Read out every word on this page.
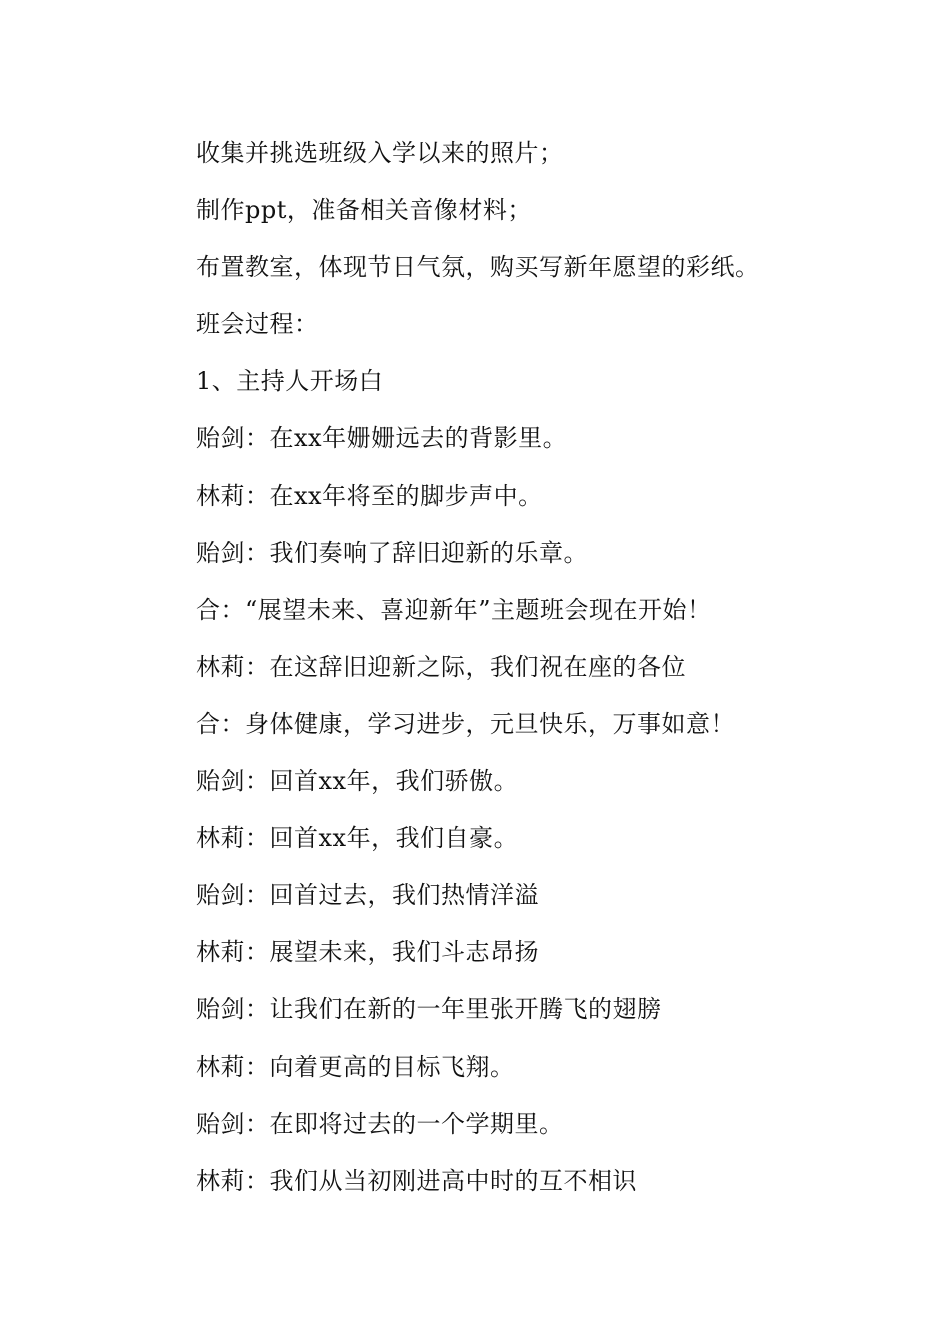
收集并挑选班级入学以来的照片；
制作ppt，准备相关音像材料；
布置教室，体现节日气氛，购买写新年愿望的彩纸。
班会过程：
1、主持人开场白
贻剑：在xx年姗姗远去的背影里。
林莉：在xx年将至的脚步声中。
贻剑：我们奏响了辞旧迎新的乐章。
合：“展望未来、喜迎新年”主题班会现在开始！
林莉：在这辞旧迎新之际，我们祝在座的各位
合：身体健康，学习进步，元旦快乐，万事如意！
贻剑：回首xx年，我们骄傲。
林莉：回首xx年，我们自豪。
贻剑：回首过去，我们热情洋溢
林莉：展望未来，我们斗志昂扬
贻剑：让我们在新的一年里张开腾飞的翅膀
林莉：向着更高的目标飞翔。
贻剑：在即将过去的一个学期里。
林莉：我们从当初刚进高中时的互不相识
